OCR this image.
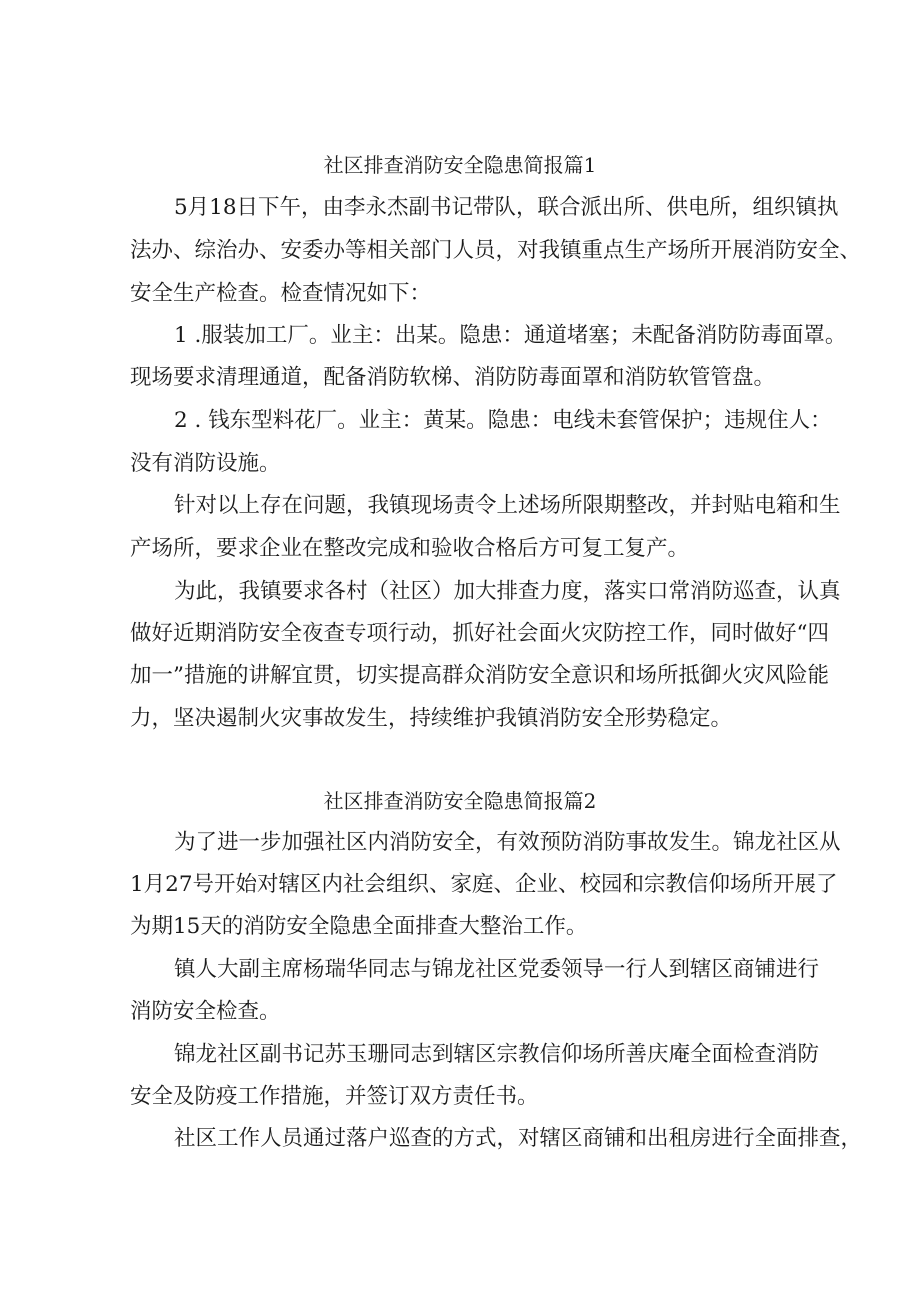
社区排查消防安全隐患简报篇1
5月18日下午，由李永杰副书记带队，联合派出所、供电所，组织镇执
法办、综治办、安委办等相关部门人员，对我镇重点生产场所开展消防安全、
安全生产检查。检查情况如下：
1 .服装加工厂。业主：出某。隐患：通道堵塞；未配备消防防毒面罩。
现场要求清理通道，配备消防软梯、消防防毒面罩和消防软管管盘。
2 . 钱东型料花厂。业主：黄某。隐患：电线未套管保护；违规住人：
没有消防设施。
针对以上存在问题，我镇现场责令上述场所限期整改，并封贴电箱和生
产场所，要求企业在整改完成和验收合格后方可复工复产。
为此，我镇要求各村（社区）加大排查力度，落实口常消防巡查，认真
做好近期消防安全夜查专项行动，抓好社会面火灾防控工作，同时做好“四
加一”措施的讲解宜贯，切实提高群众消防安全意识和场所抵御火灾风险能
力，坚决遏制火灾事故发生，持续维护我镇消防安全形势稳定。
社区排查消防安全隐患简报篇2
为了进一步加强社区内消防安全，有效预防消防事故发生。锦龙社区从
1月27号开始对辖区内社会组织、家庭、企业、校园和宗教信仰场所开展了
为期15天的消防安全隐患全面排查大整治工作。
镇人大副主席杨瑞华同志与锦龙社区党委领导一行人到辖区商铺进行
消防安全检查。
锦龙社区副书记苏玉珊同志到辖区宗教信仰场所善庆庵全面检查消防
安全及防疫工作措施，并签订双方责任书。
社区工作人员通过落户巡查的方式，对辖区商铺和出租房进行全面排查，
